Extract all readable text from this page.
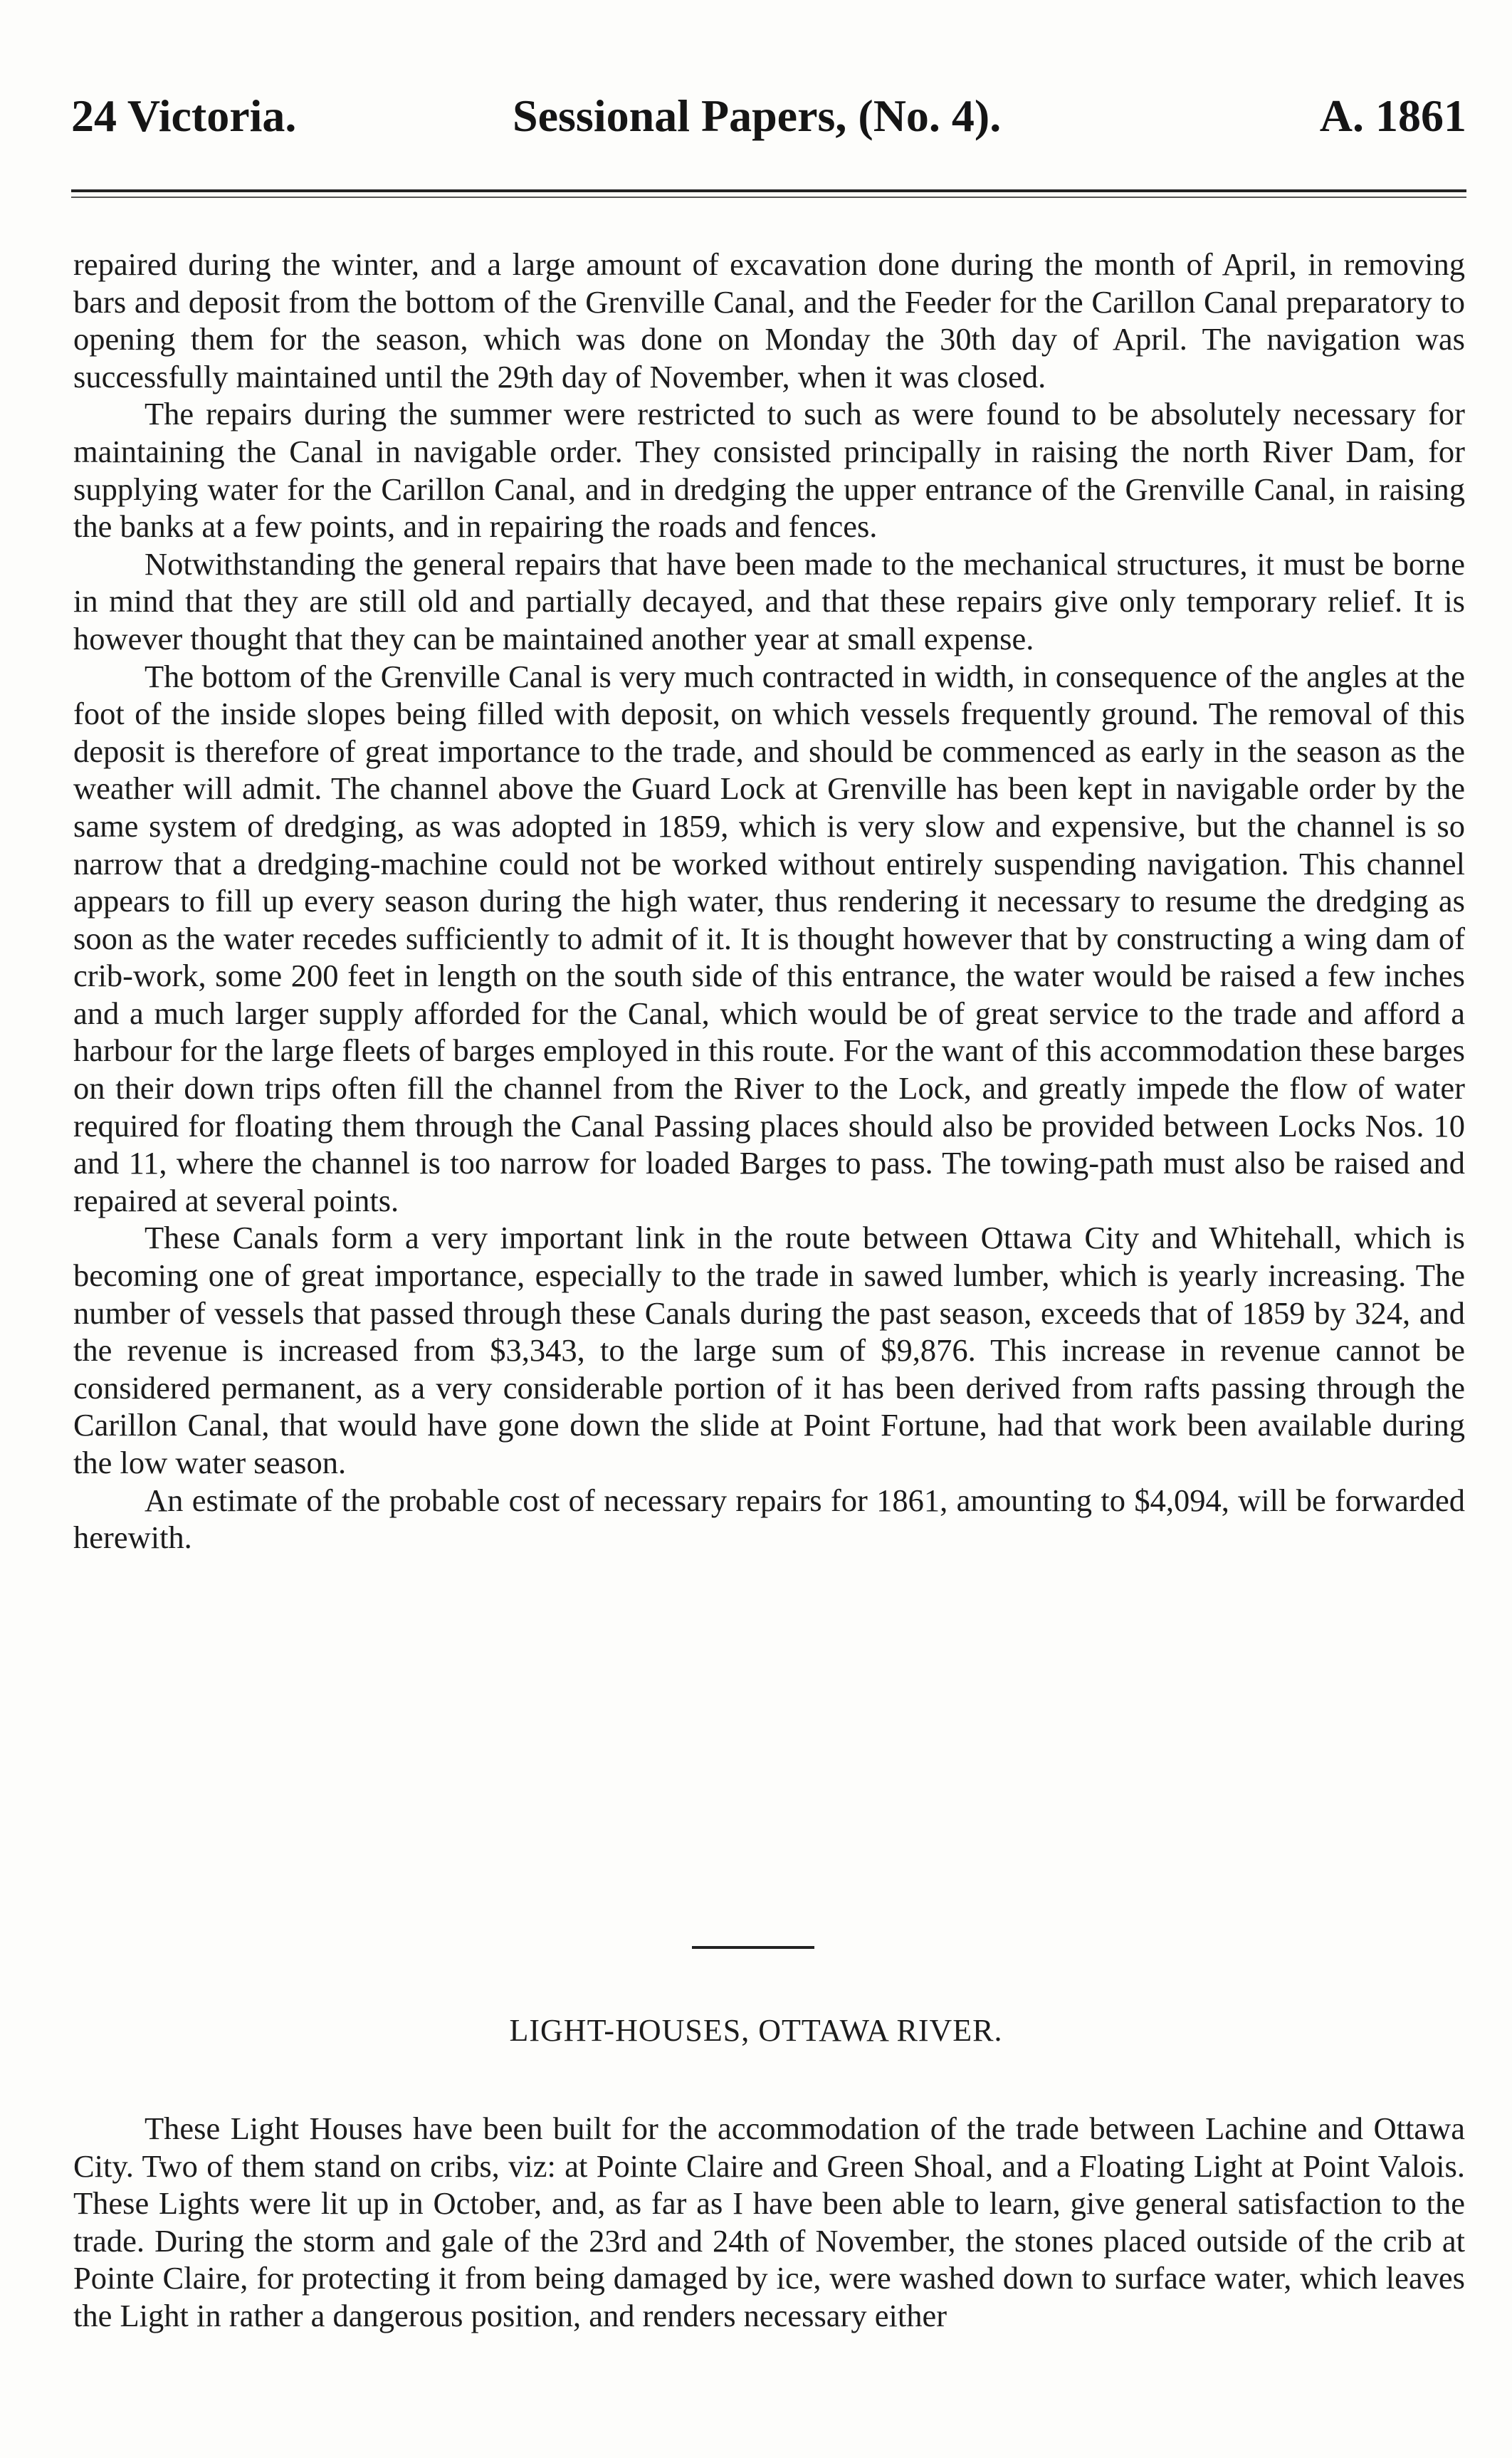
24 Victoria.	Sessional Papers, (No. 4).	A. 1861

repaired during the winter, and a large amount of excavation done during the month of April, in removing bars and deposit from the bottom of the Grenville Canal, and the Feeder for the Carillon Canal preparatory to opening them for the season, which was done on Monday the 30th day of April. The navigation was successfully maintained until the 29th day of November, when it was closed.

The repairs during the summer were restricted to such as were found to be absolutely necessary for maintaining the Canal in navigable order. They consisted principally in raising the north River Dam, for supplying water for the Carillon Canal, and in dredging the upper entrance of the Grenville Canal, in raising the banks at a few points, and in repairing the roads and fences.

Notwithstanding the general repairs that have been made to the mechanical structures, it must be borne in mind that they are still old and partially decayed, and that these repairs give only temporary relief. It is however thought that they can be maintained another year at small expense.

The bottom of the Grenville Canal is very much contracted in width, in consequence of the angles at the foot of the inside slopes being filled with deposit, on which vessels frequently ground. The removal of this deposit is therefore of great importance to the trade, and should be commenced as early in the season as the weather will admit. The channel above the Guard Lock at Grenville has been kept in navigable order by the same system of dredging, as was adopted in 1859, which is very slow and expensive, but the channel is so narrow that a dredging-machine could not be worked without entirely suspending navigation. This channel appears to fill up every season during the high water, thus rendering it necessary to resume the dredging as soon as the water recedes sufficiently to admit of it. It is thought however that by constructing a wing dam of crib-work, some 200 feet in length on the south side of this entrance, the water would be raised a few inches and a much larger supply afforded for the Canal, which would be of great service to the trade and afford a harbour for the large fleets of barges employed in this route. For the want of this accommodation these barges on their down trips often fill the channel from the River to the Lock, and greatly impede the flow of water required for floating them through the Canal Passing places should also be provided between Locks Nos. 10 and 11, where the channel is too narrow for loaded Barges to pass. The towing-path must also be raised and repaired at several points.

These Canals form a very important link in the route between Ottawa City and Whitehall, which is becoming one of great importance, especially to the trade in sawed lumber, which is yearly increasing. The number of vessels that passed through these Canals during the past season, exceeds that of 1859 by 324, and the revenue is increased from $3,343, to the large sum of $9,876. This increase in revenue cannot be considered permanent, as a very considerable portion of it has been derived from rafts passing through the Carillon Canal, that would have gone down the slide at Point Fortune, had that work been available during the low water season.

An estimate of the probable cost of necessary repairs for 1861, amounting to $4,094, will be forwarded herewith.

LIGHT-HOUSES, OTTAWA RIVER.

These Light Houses have been built for the accommodation of the trade between Lachine and Ottawa City. Two of them stand on cribs, viz: at Pointe Claire and Green Shoal, and a Floating Light at Point Valois. These Lights were lit up in October, and, as far as I have been able to learn, give general satisfaction to the trade. During the storm and gale of the 23rd and 24th of November, the stones placed outside of the crib at Pointe Claire, for protecting it from being damaged by ice, were washed down to surface water, which leaves the Light in rather a dangerous position, and renders necessary either
